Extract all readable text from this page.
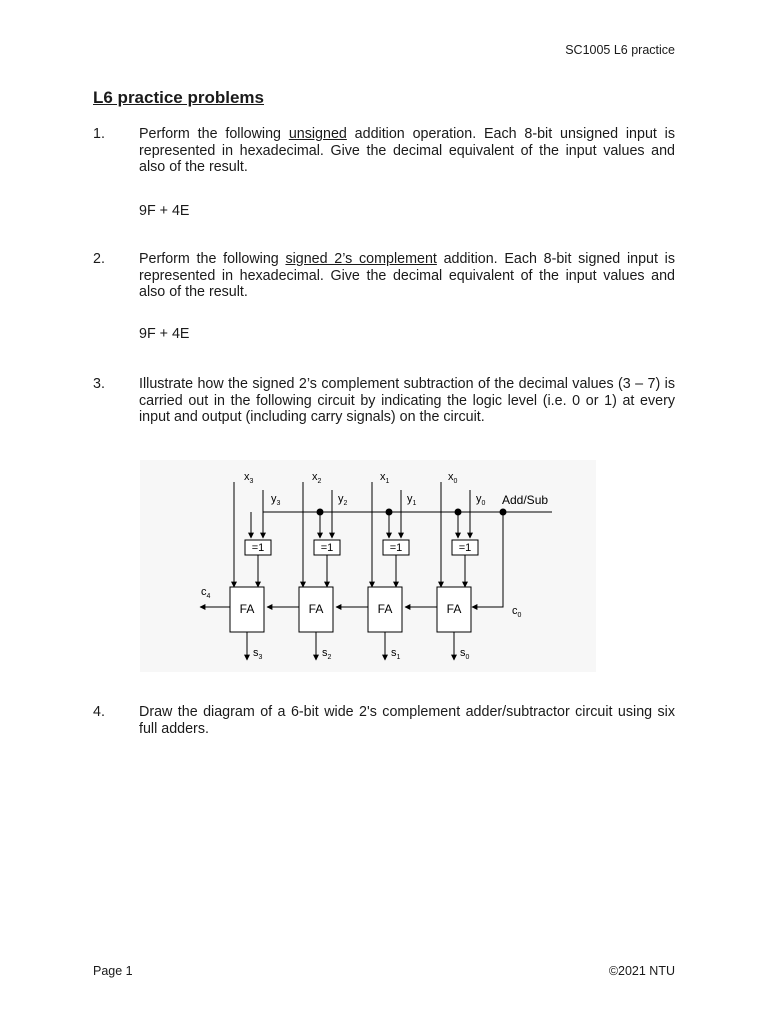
SC1005 L6 practice
L6 practice problems
1. Perform the following unsigned addition operation. Each 8-bit unsigned input is represented in hexadecimal. Give the decimal equivalent of the input values and also of the result.
9F + 4E
2. Perform the following signed 2’s complement addition. Each 8-bit signed input is represented in hexadecimal. Give the decimal equivalent of the input values and also of the result.
9F + 4E
3. Illustrate how the signed 2’s complement subtraction of the decimal values (3 – 7) is carried out in the following circuit by indicating the logic level (i.e. 0 or 1) at every input and output (including carry signals) on the circuit.
Add/Sub
$c_0$
$c_4$
$x_3$
$y_3$
=1
FA
$s_3$
$x_2$
$y_2$
=1
FA
$s_2$
$x_1$
$y_1$
=1
FA
$s_1$
$x_0$
$y_0$
=1
FA
$s_0$
4. Draw the diagram of a 6-bit wide 2's complement adder/subtractor circuit using six full adders.
Page 1	©2021 NTU
